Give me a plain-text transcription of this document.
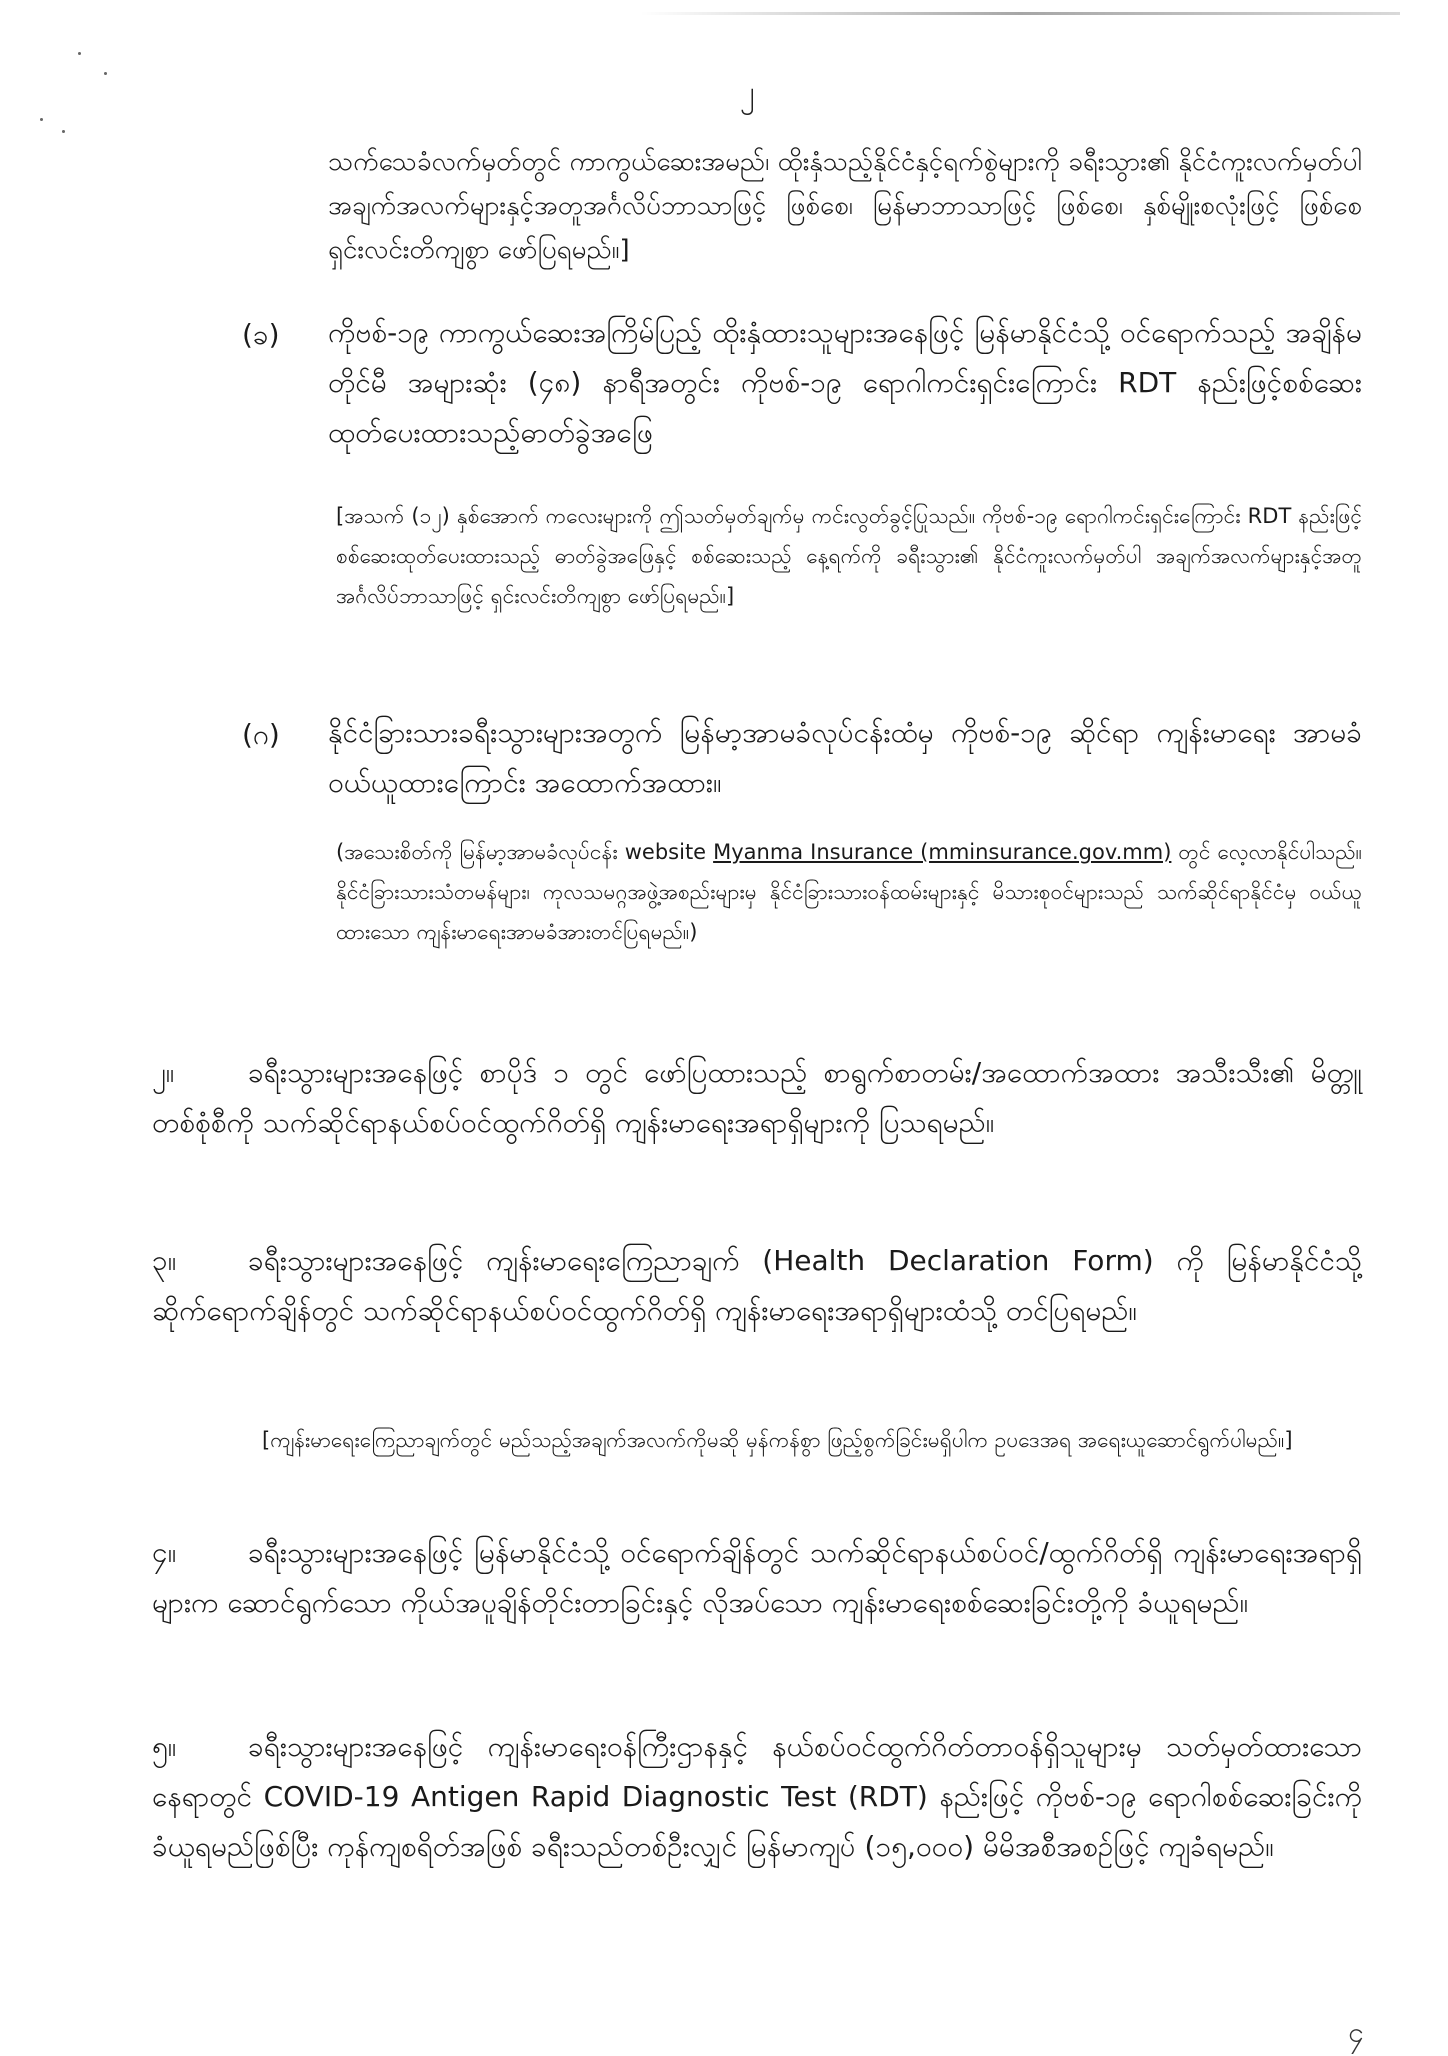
၂

သက်သေခံလက်မှတ်တွင် ကာကွယ်ဆေးအမည်၊ ထိုးနှံသည့်နိုင်ငံနှင့်ရက်စွဲများကို ခရီးသွား၏ နိုင်ငံကူးလက်မှတ်ပါ အချက်အလက်များနှင့်အတူအင်္ဂလိပ်ဘာသာဖြင့် ဖြစ်စေ၊ မြန်မာဘာသာဖြင့် ဖြစ်စေ၊ နှစ်မျိုးစလုံးဖြင့် ဖြစ်စေ ရှင်းလင်းတိကျစွာ ဖော်ပြရမည်။]

(ခ) ကိုဗစ်-၁၉ ကာကွယ်ဆေးအကြိမ်ပြည့် ထိုးနှံထားသူများအနေဖြင့် မြန်မာနိုင်ငံသို့ ဝင်ရောက်သည့် အချိန်မတိုင်မီ အများဆုံး (၄၈) နာရီအတွင်း ကိုဗစ်-၁၉ ရောဂါကင်းရှင်းကြောင်း RDT နည်းဖြင့်စစ်ဆေးထုတ်ပေးထားသည့်ဓာတ်ခွဲအဖြေ

[အသက် (၁၂) နှစ်အောက် ကလေးများကို ဤသတ်မှတ်ချက်မှ ကင်းလွတ်ခွင့်ပြုသည်။ ကိုဗစ်-၁၉ ရောဂါကင်းရှင်းကြောင်း RDT နည်းဖြင့် စစ်ဆေးထုတ်ပေးထားသည့် ဓာတ်ခွဲအဖြေနှင့် စစ်ဆေးသည့် နေ့ရက်ကို ခရီးသွား၏ နိုင်ငံကူးလက်မှတ်ပါ အချက်အလက်များနှင့်အတူ အင်္ဂလိပ်ဘာသာဖြင့် ရှင်းလင်းတိကျစွာ ဖော်ပြရမည်။]

(ဂ) နိုင်ငံခြားသားခရီးသွားများအတွက် မြန်မာ့အာမခံလုပ်ငန်းထံမှ ကိုဗစ်-၁၉ ဆိုင်ရာ ကျန်းမာရေး အာမခံဝယ်ယူထားကြောင်း အထောက်အထား။

(အသေးစိတ်ကို မြန်မာ့အာမခံလုပ်ငန်း website Myanma Insurance (mminsurance.gov.mm) တွင် လေ့လာနိုင်ပါသည်။ နိုင်ငံခြားသားသံတမန်များ၊ ကုလသမဂ္ဂအဖွဲ့အစည်းများမှ နိုင်ငံခြားသားဝန်ထမ်းများနှင့် မိသားစုဝင်များသည် သက်ဆိုင်ရာနိုင်ငံမှ ဝယ်ယူထားသော ကျန်းမာရေးအာမခံအားတင်ပြရမည်။)

၂။	ခရီးသွားများအနေဖြင့် စာပိုဒ် ၁ တွင် ဖော်ပြထားသည့် စာရွက်စာတမ်း/အထောက်အထား အသီးသီး၏ မိတ္တူတစ်စုံစီကို သက်ဆိုင်ရာနယ်စပ်ဝင်ထွက်ဂိတ်ရှိ ကျန်းမာရေးအရာရှိများကို ပြသရမည်။

၃။	ခရီးသွားများအနေဖြင့် ကျန်းမာရေးကြေညာချက် (Health Declaration Form) ကို မြန်မာနိုင်ငံသို့ ဆိုက်ရောက်ချိန်တွင် သက်ဆိုင်ရာနယ်စပ်ဝင်ထွက်ဂိတ်ရှိ ကျန်းမာရေးအရာရှိများထံသို့ တင်ပြရမည်။

[ကျန်းမာရေးကြေညာချက်တွင် မည်သည့်အချက်အလက်ကိုမဆို မှန်ကန်စွာ ဖြည့်စွက်ခြင်းမရှိပါက ဥပဒေအရ အရေးယူဆောင်ရွက်ပါမည်။]

၄။	ခရီးသွားများအနေဖြင့် မြန်မာနိုင်ငံသို့ ဝင်ရောက်ချိန်တွင် သက်ဆိုင်ရာနယ်စပ်ဝင်/ထွက်ဂိတ်ရှိ ကျန်းမာရေးအရာရှိများက ဆောင်ရွက်သော ကိုယ်အပူချိန်တိုင်းတာခြင်းနှင့် လိုအပ်သော ကျန်းမာရေးစစ်ဆေးခြင်းတို့ကို ခံယူရမည်။

၅။	ခရီးသွားများအနေဖြင့် ကျန်းမာရေးဝန်ကြီးဌာနနှင့် နယ်စပ်ဝင်ထွက်ဂိတ်တာဝန်ရှိသူများမှ သတ်မှတ်ထားသောနေရာတွင် COVID-19 Antigen Rapid Diagnostic Test (RDT) နည်းဖြင့် ကိုဗစ်-၁၉ ရောဂါစစ်ဆေးခြင်းကို ခံယူရမည်ဖြစ်ပြီး ကုန်ကျစရိတ်အဖြစ် ခရီးသည်တစ်ဦးလျှင် မြန်မာကျပ် (၁၅,၀၀၀) မိမိအစီအစဉ်ဖြင့် ကျခံရမည်။

၄
